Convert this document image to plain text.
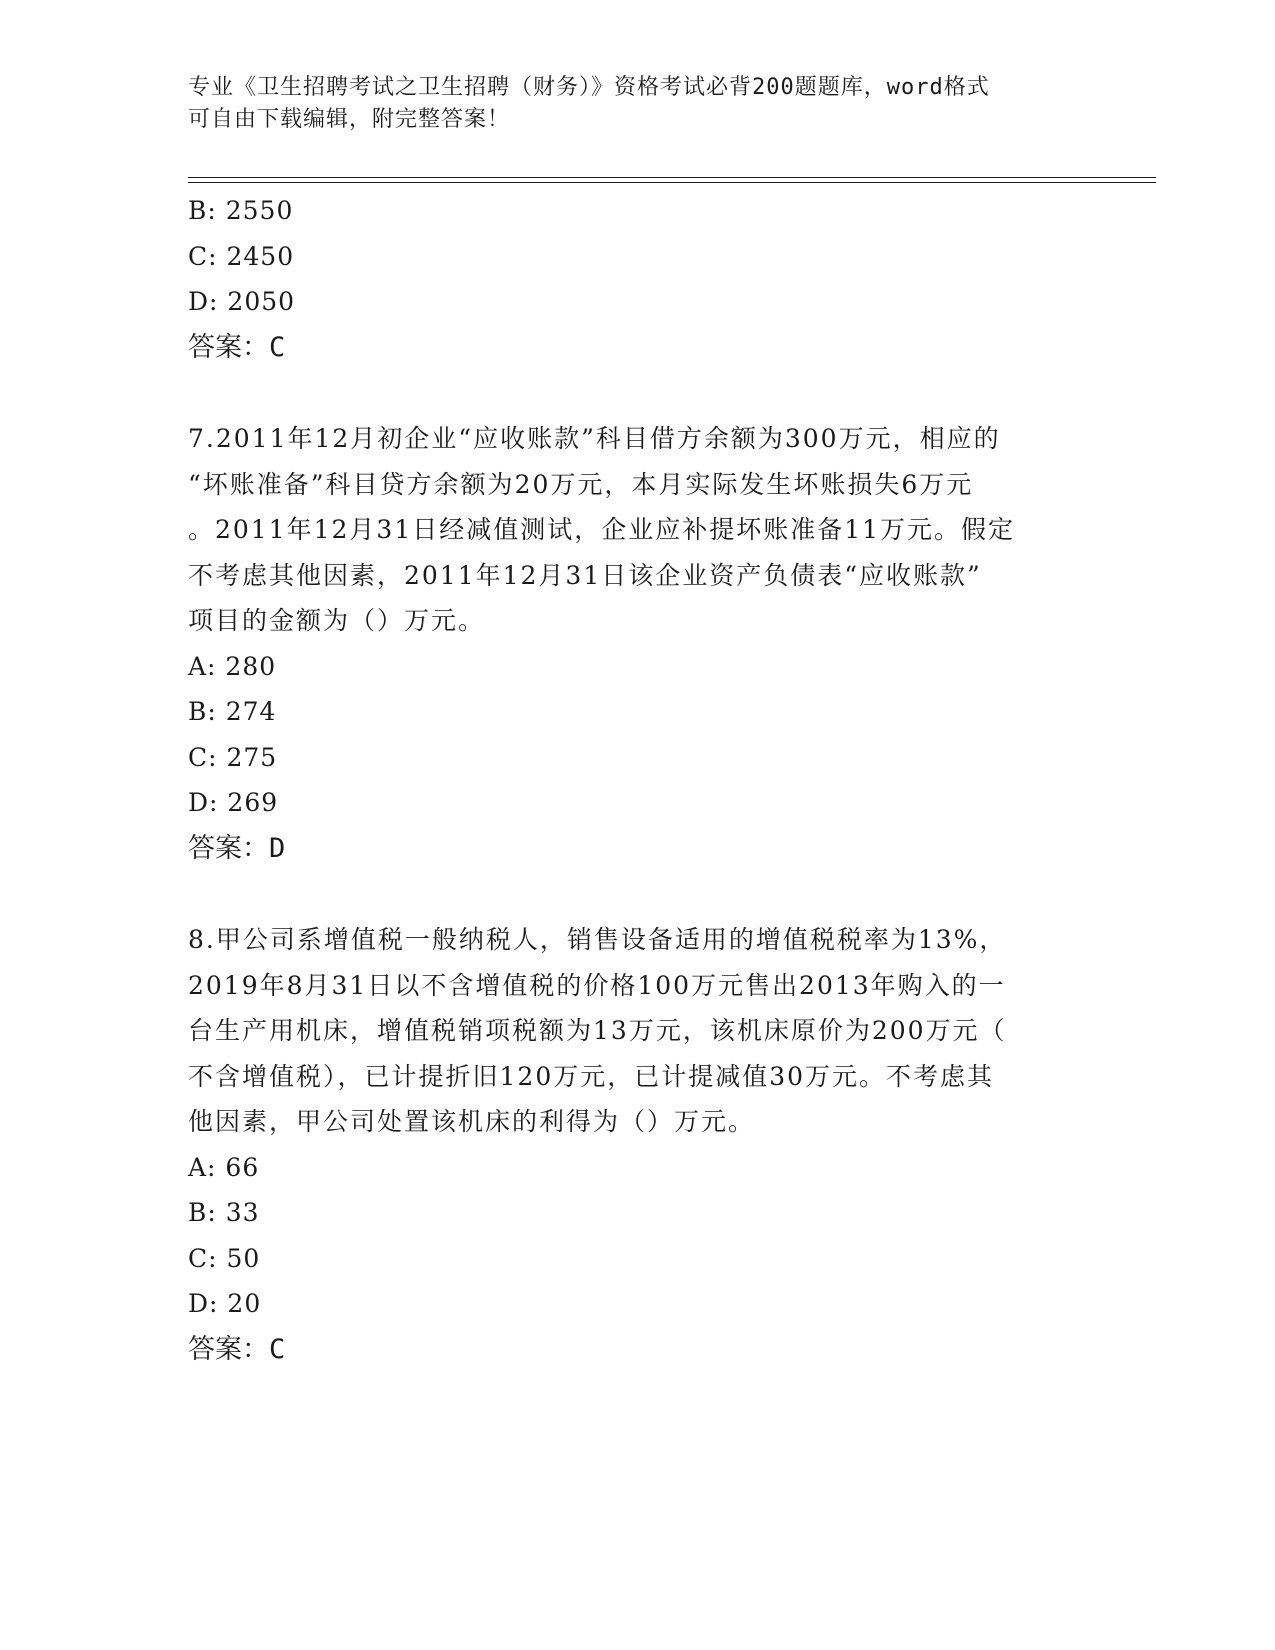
专业《卫生招聘考试之卫生招聘（财务）》资格考试必背200题题库，word格式
可自由下载编辑，附完整答案！
B: 2550
C: 2450
D: 2050
答案：C
7.2011年12月初企业“应收账款”科目借方余额为300万元，相应的
“坏账准备”科目贷方余额为20万元，本月实际发生坏账损失6万元
。2011年12月31日经减值测试，企业应补提坏账准备11万元。假定
不考虑其他因素，2011年12月31日该企业资产负债表“应收账款”
项目的金额为（）万元。
A: 280
B: 274
C: 275
D: 269
答案：D
8.甲公司系增值税一般纳税人，销售设备适用的增值税税率为13%，
2019年8月31日以不含增值税的价格100万元售出2013年购入的一
台生产用机床，增值税销项税额为13万元，该机床原价为200万元（
不含增值税），已计提折旧120万元，已计提减值30万元。不考虑其
他因素，甲公司处置该机床的利得为（）万元。
A: 66
B: 33
C: 50
D: 20
答案：C
